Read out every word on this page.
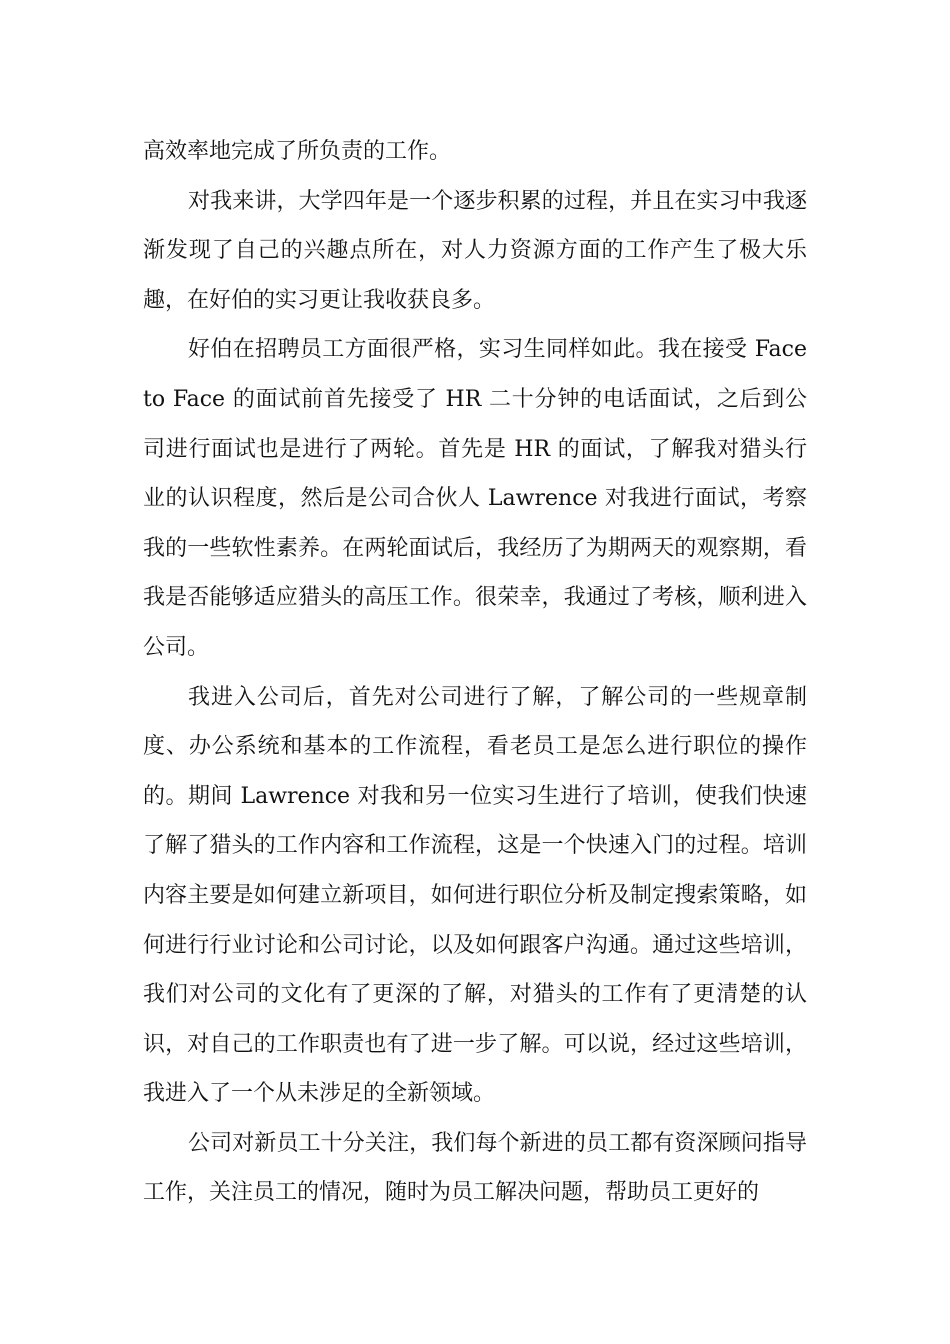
高效率地完成了所负责的工作。

对我来讲，大学四年是一个逐步积累的过程，并且在实习中我逐渐发现了自己的兴趣点所在，对人力资源方面的工作产生了极大乐趣，在好伯的实习更让我收获良多。

好伯在招聘员工方面很严格，实习生同样如此。我在接受 Face to Face 的面试前首先接受了 HR 二十分钟的电话面试，之后到公司进行面试也是进行了两轮。首先是 HR 的面试，了解我对猎头行业的认识程度，然后是公司合伙人 Lawrence 对我进行面试，考察我的一些软性素养。在两轮面试后，我经历了为期两天的观察期，看我是否能够适应猎头的高压工作。很荣幸，我通过了考核，顺利进入公司。

我进入公司后，首先对公司进行了解，了解公司的一些规章制度、办公系统和基本的工作流程，看老员工是怎么进行职位的操作的。期间 Lawrence 对我和另一位实习生进行了培训，使我们快速了解了猎头的工作内容和工作流程，这是一个快速入门的过程。培训内容主要是如何建立新项目，如何进行职位分析及制定搜索策略，如何进行行业讨论和公司讨论，以及如何跟客户沟通。通过这些培训，我们对公司的文化有了更深的了解，对猎头的工作有了更清楚的认识，对自己的工作职责也有了进一步了解。可以说，经过这些培训，我进入了一个从未涉足的全新领域。

公司对新员工十分关注，我们每个新进的员工都有资深顾问指导工作，关注员工的情况，随时为员工解决问题，帮助员工更好的
